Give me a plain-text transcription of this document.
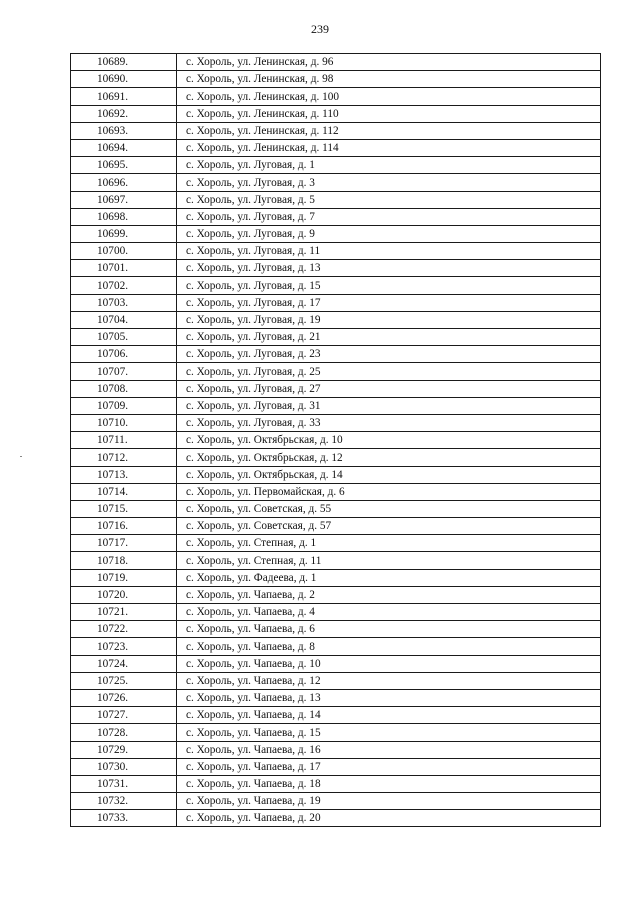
239
10689.	с. Хороль, ул. Ленинская, д. 96
10690.	с. Хороль, ул. Ленинская, д. 98
10691.	с. Хороль, ул. Ленинская, д. 100
10692.	с. Хороль, ул. Ленинская, д. 110
10693.	с. Хороль, ул. Ленинская, д. 112
10694.	с. Хороль, ул. Ленинская, д. 114
10695.	с. Хороль, ул. Луговая, д. 1
10696.	с. Хороль, ул. Луговая, д. 3
10697.	с. Хороль, ул. Луговая, д. 5
10698.	с. Хороль, ул. Луговая, д. 7
10699.	с. Хороль, ул. Луговая, д. 9
10700.	с. Хороль, ул. Луговая, д. 11
10701.	с. Хороль, ул. Луговая, д. 13
10702.	с. Хороль, ул. Луговая, д. 15
10703.	с. Хороль, ул. Луговая, д. 17
10704.	с. Хороль, ул. Луговая, д. 19
10705.	с. Хороль, ул. Луговая, д. 21
10706.	с. Хороль, ул. Луговая, д. 23
10707.	с. Хороль, ул. Луговая, д. 25
10708.	с. Хороль, ул. Луговая, д. 27
10709.	с. Хороль, ул. Луговая, д. 31
10710.	с. Хороль, ул. Луговая, д. 33
10711.	с. Хороль, ул. Октябрьская, д. 10
10712.	с. Хороль, ул. Октябрьская, д. 12
10713.	с. Хороль, ул. Октябрьская, д. 14
10714.	с. Хороль, ул. Первомайская, д. 6
10715.	с. Хороль, ул. Советская, д. 55
10716.	с. Хороль, ул. Советская, д. 57
10717.	с. Хороль, ул. Степная, д. 1
10718.	с. Хороль, ул. Степная, д. 11
10719.	с. Хороль, ул. Фадеева, д. 1
10720.	с. Хороль, ул. Чапаева, д. 2
10721.	с. Хороль, ул. Чапаева, д. 4
10722.	с. Хороль, ул. Чапаева, д. 6
10723.	с. Хороль, ул. Чапаева, д. 8
10724.	с. Хороль, ул. Чапаева, д. 10
10725.	с. Хороль, ул. Чапаева, д. 12
10726.	с. Хороль, ул. Чапаева, д. 13
10727.	с. Хороль, ул. Чапаева, д. 14
10728.	с. Хороль, ул. Чапаева, д. 15
10729.	с. Хороль, ул. Чапаева, д. 16
10730.	с. Хороль, ул. Чапаева, д. 17
10731.	с. Хороль, ул. Чапаева, д. 18
10732.	с. Хороль, ул. Чапаева, д. 19
10733.	с. Хороль, ул. Чапаева, д. 20
